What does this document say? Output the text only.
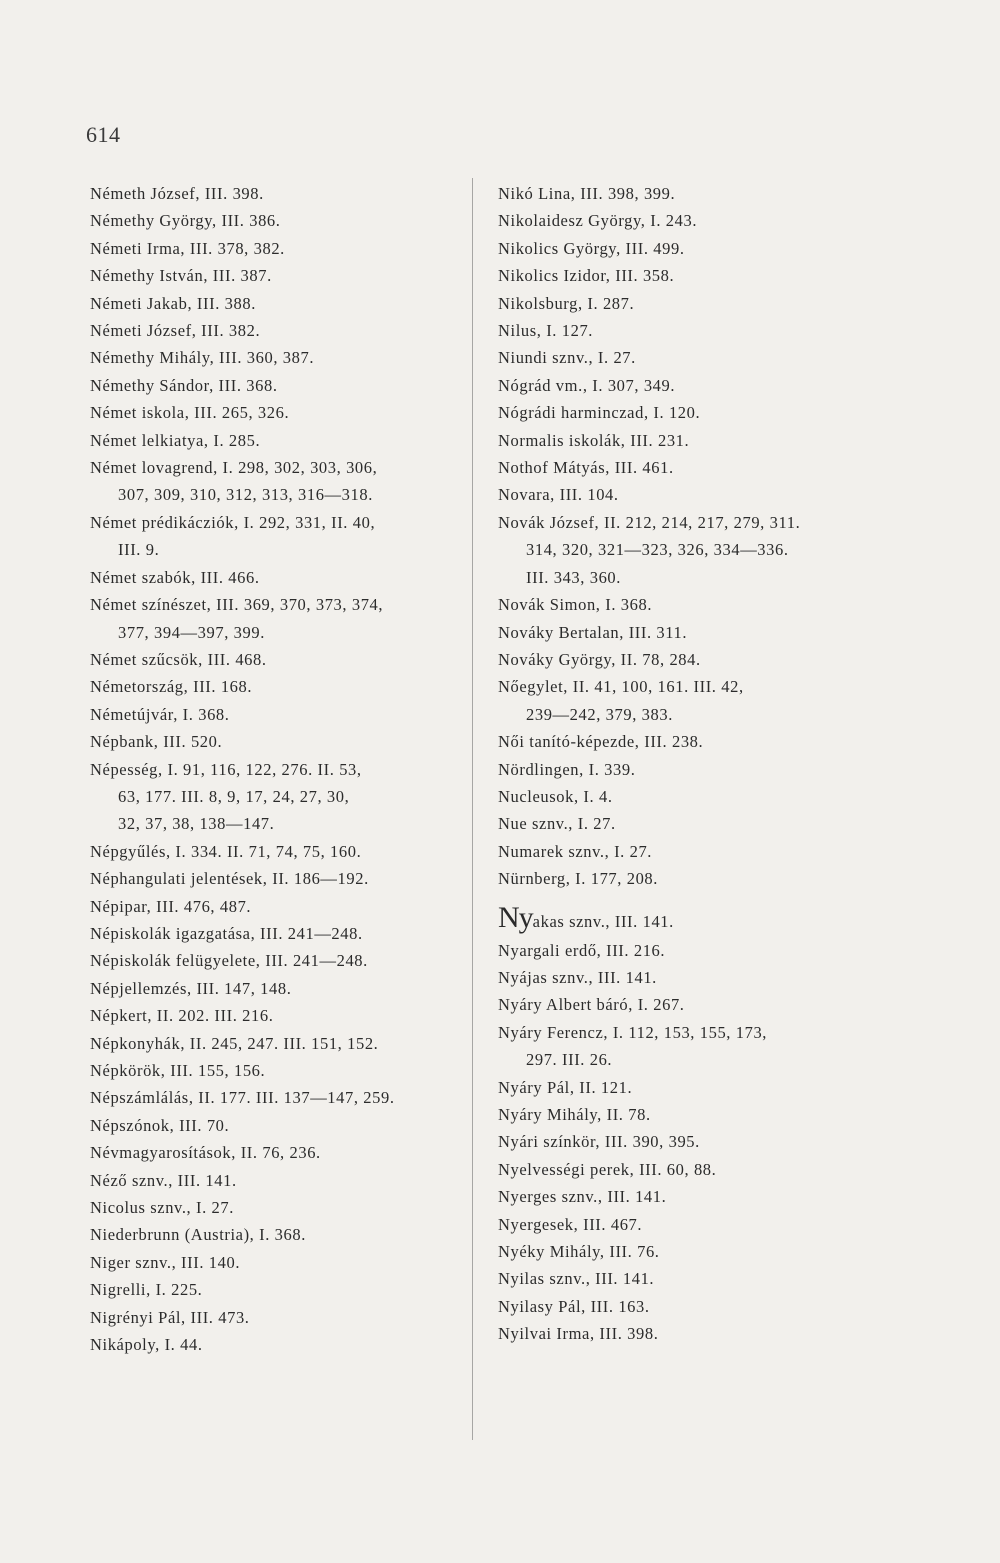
614
Németh József, III. 398.
Némethy György, III. 386.
Németi Irma, III. 378, 382.
Némethy István, III. 387.
Németi Jakab, III. 388.
Németi József, III. 382.
Némethy Mihály, III. 360, 387.
Némethy Sándor, III. 368.
Német iskola, III. 265, 326.
Német lelkiatya, I. 285.
Német lovagrend, I. 298, 302, 303, 306,
307, 309, 310, 312, 313, 316—318.
Német prédikácziók, I. 292, 331, II. 40,
III. 9.
Német szabók, III. 466.
Német színészet, III. 369, 370, 373, 374,
377, 394—397, 399.
Német szűcsök, III. 468.
Németország, III. 168.
Németújvár, I. 368.
Népbank, III. 520.
Népesség, I. 91, 116, 122, 276. II. 53,
63, 177. III. 8, 9, 17, 24, 27, 30,
32, 37, 38, 138—147.
Népgyűlés, I. 334. II. 71, 74, 75, 160.
Néphangulati jelentések, II. 186—192.
Népipar, III. 476, 487.
Népiskolák igazgatása, III. 241—248.
Népiskolák felügyelete, III. 241—248.
Népjellemzés, III. 147, 148.
Népkert, II. 202. III. 216.
Népkonyhák, II. 245, 247. III. 151, 152.
Népkörök, III. 155, 156.
Népszámlálás, II. 177. III. 137—147, 259.
Népszónok, III. 70.
Névmagyarosítások, II. 76, 236.
Néző sznv., III. 141.
Nicolus sznv., I. 27.
Niederbrunn (Austria), I. 368.
Niger sznv., III. 140.
Nigrelli, I. 225.
Nigrényi Pál, III. 473.
Nikápoly, I. 44.
Nikó Lina, III. 398, 399.
Nikolaidesz György, I. 243.
Nikolics György, III. 499.
Nikolics Izidor, III. 358.
Nikolsburg, I. 287.
Nilus, I. 127.
Niundi sznv., I. 27.
Nógrád vm., I. 307, 349.
Nógrádi harminczad, I. 120.
Normalis iskolák, III. 231.
Nothof Mátyás, III. 461.
Novara, III. 104.
Novák József, II. 212, 214, 217, 279, 311.
314, 320, 321—323, 326, 334—336.
III. 343, 360.
Novák Simon, I. 368.
Nováky Bertalan, III. 311.
Nováky György, II. 78, 284.
Nőegylet, II. 41, 100, 161. III. 42,
239—242, 379, 383.
Női tanító-képezde, III. 238.
Nördlingen, I. 339.
Nucleusok, I. 4.
Nue sznv., I. 27.
Numarek sznv., I. 27.
Nürnberg, I. 177, 208.
Nyakas sznv., III. 141.
Nyargali erdő, III. 216.
Nyájas sznv., III. 141.
Nyáry Albert báró, I. 267.
Nyáry Ferencz, I. 112, 153, 155, 173,
297. III. 26.
Nyáry Pál, II. 121.
Nyáry Mihály, II. 78.
Nyári színkör, III. 390, 395.
Nyelvességi perek, III. 60, 88.
Nyerges sznv., III. 141.
Nyergesek, III. 467.
Nyéky Mihály, III. 76.
Nyilas sznv., III. 141.
Nyilasy Pál, III. 163.
Nyilvai Irma, III. 398.
